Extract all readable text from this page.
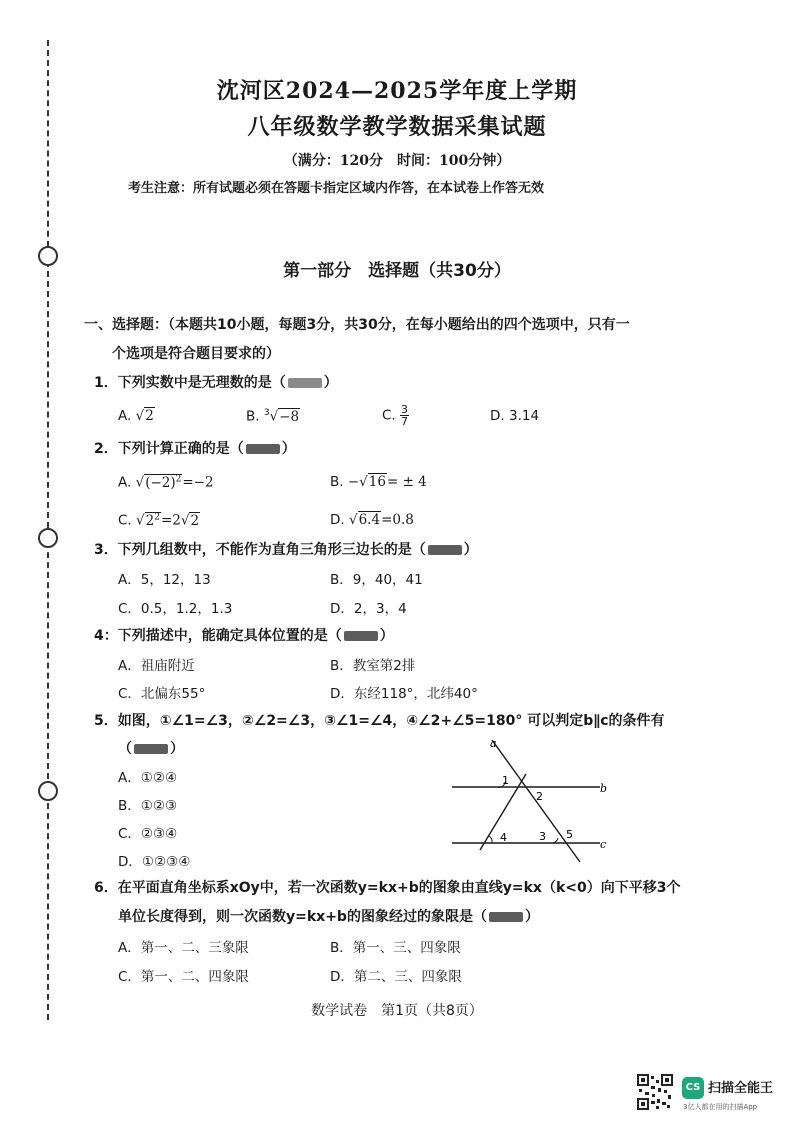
沈河区2024—2025学年度上学期
八年级数学教学数据采集试题
（满分：120分　时间：100分钟）
考生注意：所有试题必须在答题卡指定区域内作答，在本试卷上作答无效
第一部分　选择题（共30分）
一、选择题：（本题共10小题，每题3分，共30分，在每小题给出的四个选项中，只有一
个选项是符合题目要求的）
1．下列实数中是无理数的是（	）
A. √2	B. $^3$√−8	C. $\frac{3}{7}$	D. 3.14
2．下列计算正确的是（	）
A. $√(-2)^2=-2$	B. −√16= ± 4
C. $√2^2=2√2$	D. √6.4=0.8
3．下列几组数中，不能作为直角三角形三边长的是（	）
A．5，12，13	B．9，40，41
C．0.5，1.2，1.3	D．2，3，4
4：下列描述中，能确定具体位置的是（	）
A．祖庙附近	B．教室第2排
C．北偏东55°	D．东经118°，北纬40°
5．如图，①∠1=∠3，②∠2=∠3，③∠1=∠4，④∠2+∠5=180° 可以判定b∥c的条件有
（	）
A．①②④
B．①②③
C．②③④
D．①②③④
a
b
c
1
2
3
4	5
6．在平面直角坐标系xOy中，若一次函数y=kx+b的图象由直线y=kx（k<0）向下平移3个
单位长度得到，则一次函数y=kx+b的图象经过的象限是（	）
A．第一、二、三象限	B．第一、三、四象限
C．第一、二、四象限	D．第二、三、四象限
数学试卷　第1页（共8页）
CS 扫描全能王
3亿人都在用的扫描App
